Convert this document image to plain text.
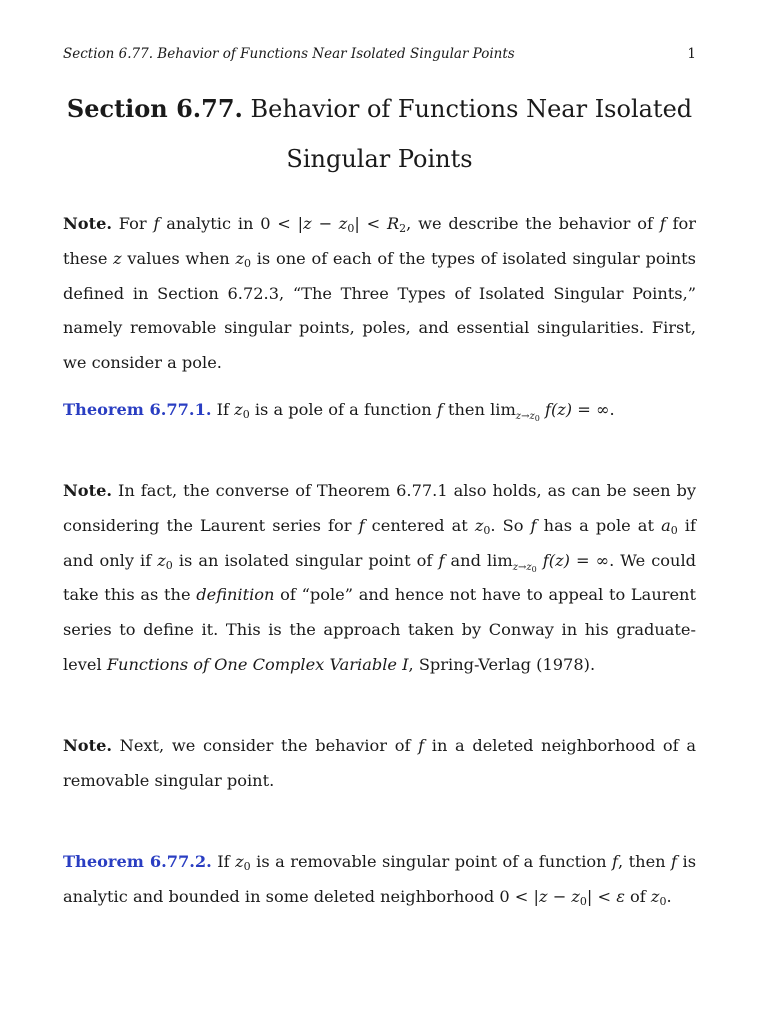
Section 6.77. Behavior of Functions Near Isolated Singular Points	1
Section 6.77. Behavior of Functions Near Isolated
Singular Points
Note. For f analytic in $0 < |z - z_0| < R_2$, we describe the behavior of f for these z values when $z_0$ is one of each of the types of isolated singular points defined in Section 6.72.3, “The Three Types of Isolated Singular Points,” namely removable singular points, poles, and essential singularities. First, we consider a pole.
Theorem 6.77.1. If $z_0$ is a pole of a function f then $\lim_{z\to z0} f(z)$ = ∞.
Note. In fact, the converse of Theorem 6.77.1 also holds, as can be seen by considering the Laurent series for f centered at $z_0$. So f has a pole at $a_0$ if and only if $z_0$ is an isolated singular point of f and $\lim_{z\to z0} f(z)$ = ∞. We could take this as the definition of “pole” and hence not have to appeal to Laurent series to define it. This is the approach taken by Conway in his graduate-level Functions of One Complex Variable I, Spring-Verlag (1978).
Note. Next, we consider the behavior of f in a deleted neighborhood of a removable singular point.
Theorem 6.77.2. If $z_0$ is a removable singular point of a function f, then f is analytic and bounded in some deleted neighborhood $0 < |z - z_0| < \varepsilon$ of $z_0$.
